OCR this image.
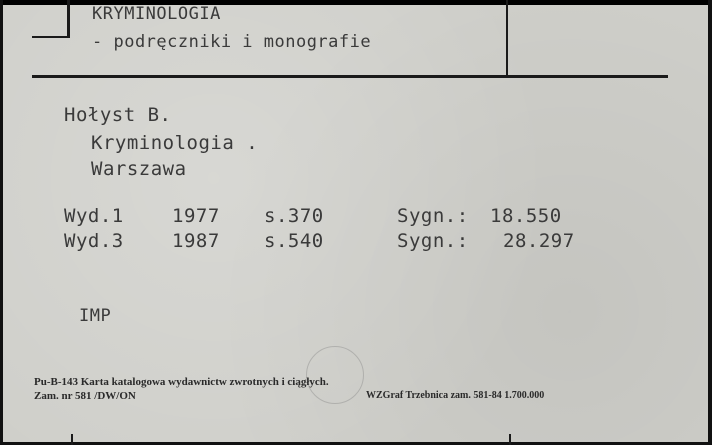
KRYMINOLOGIA
- podręczniki i monografie
Hołyst B.
Kryminologia .
Warszawa
Wyd.1	1977 s.370	Sygn.: 18.550
Wyd.3	1987 s.540	Sygn.: 28.297
IMP
Pu-B-143 Karta katalogowa wydawnictw zwrotnych i ciągłych.
Zam. nr 581 /DW/ON	WZGraf Trzebnica zam. 581-84 1.700.000
